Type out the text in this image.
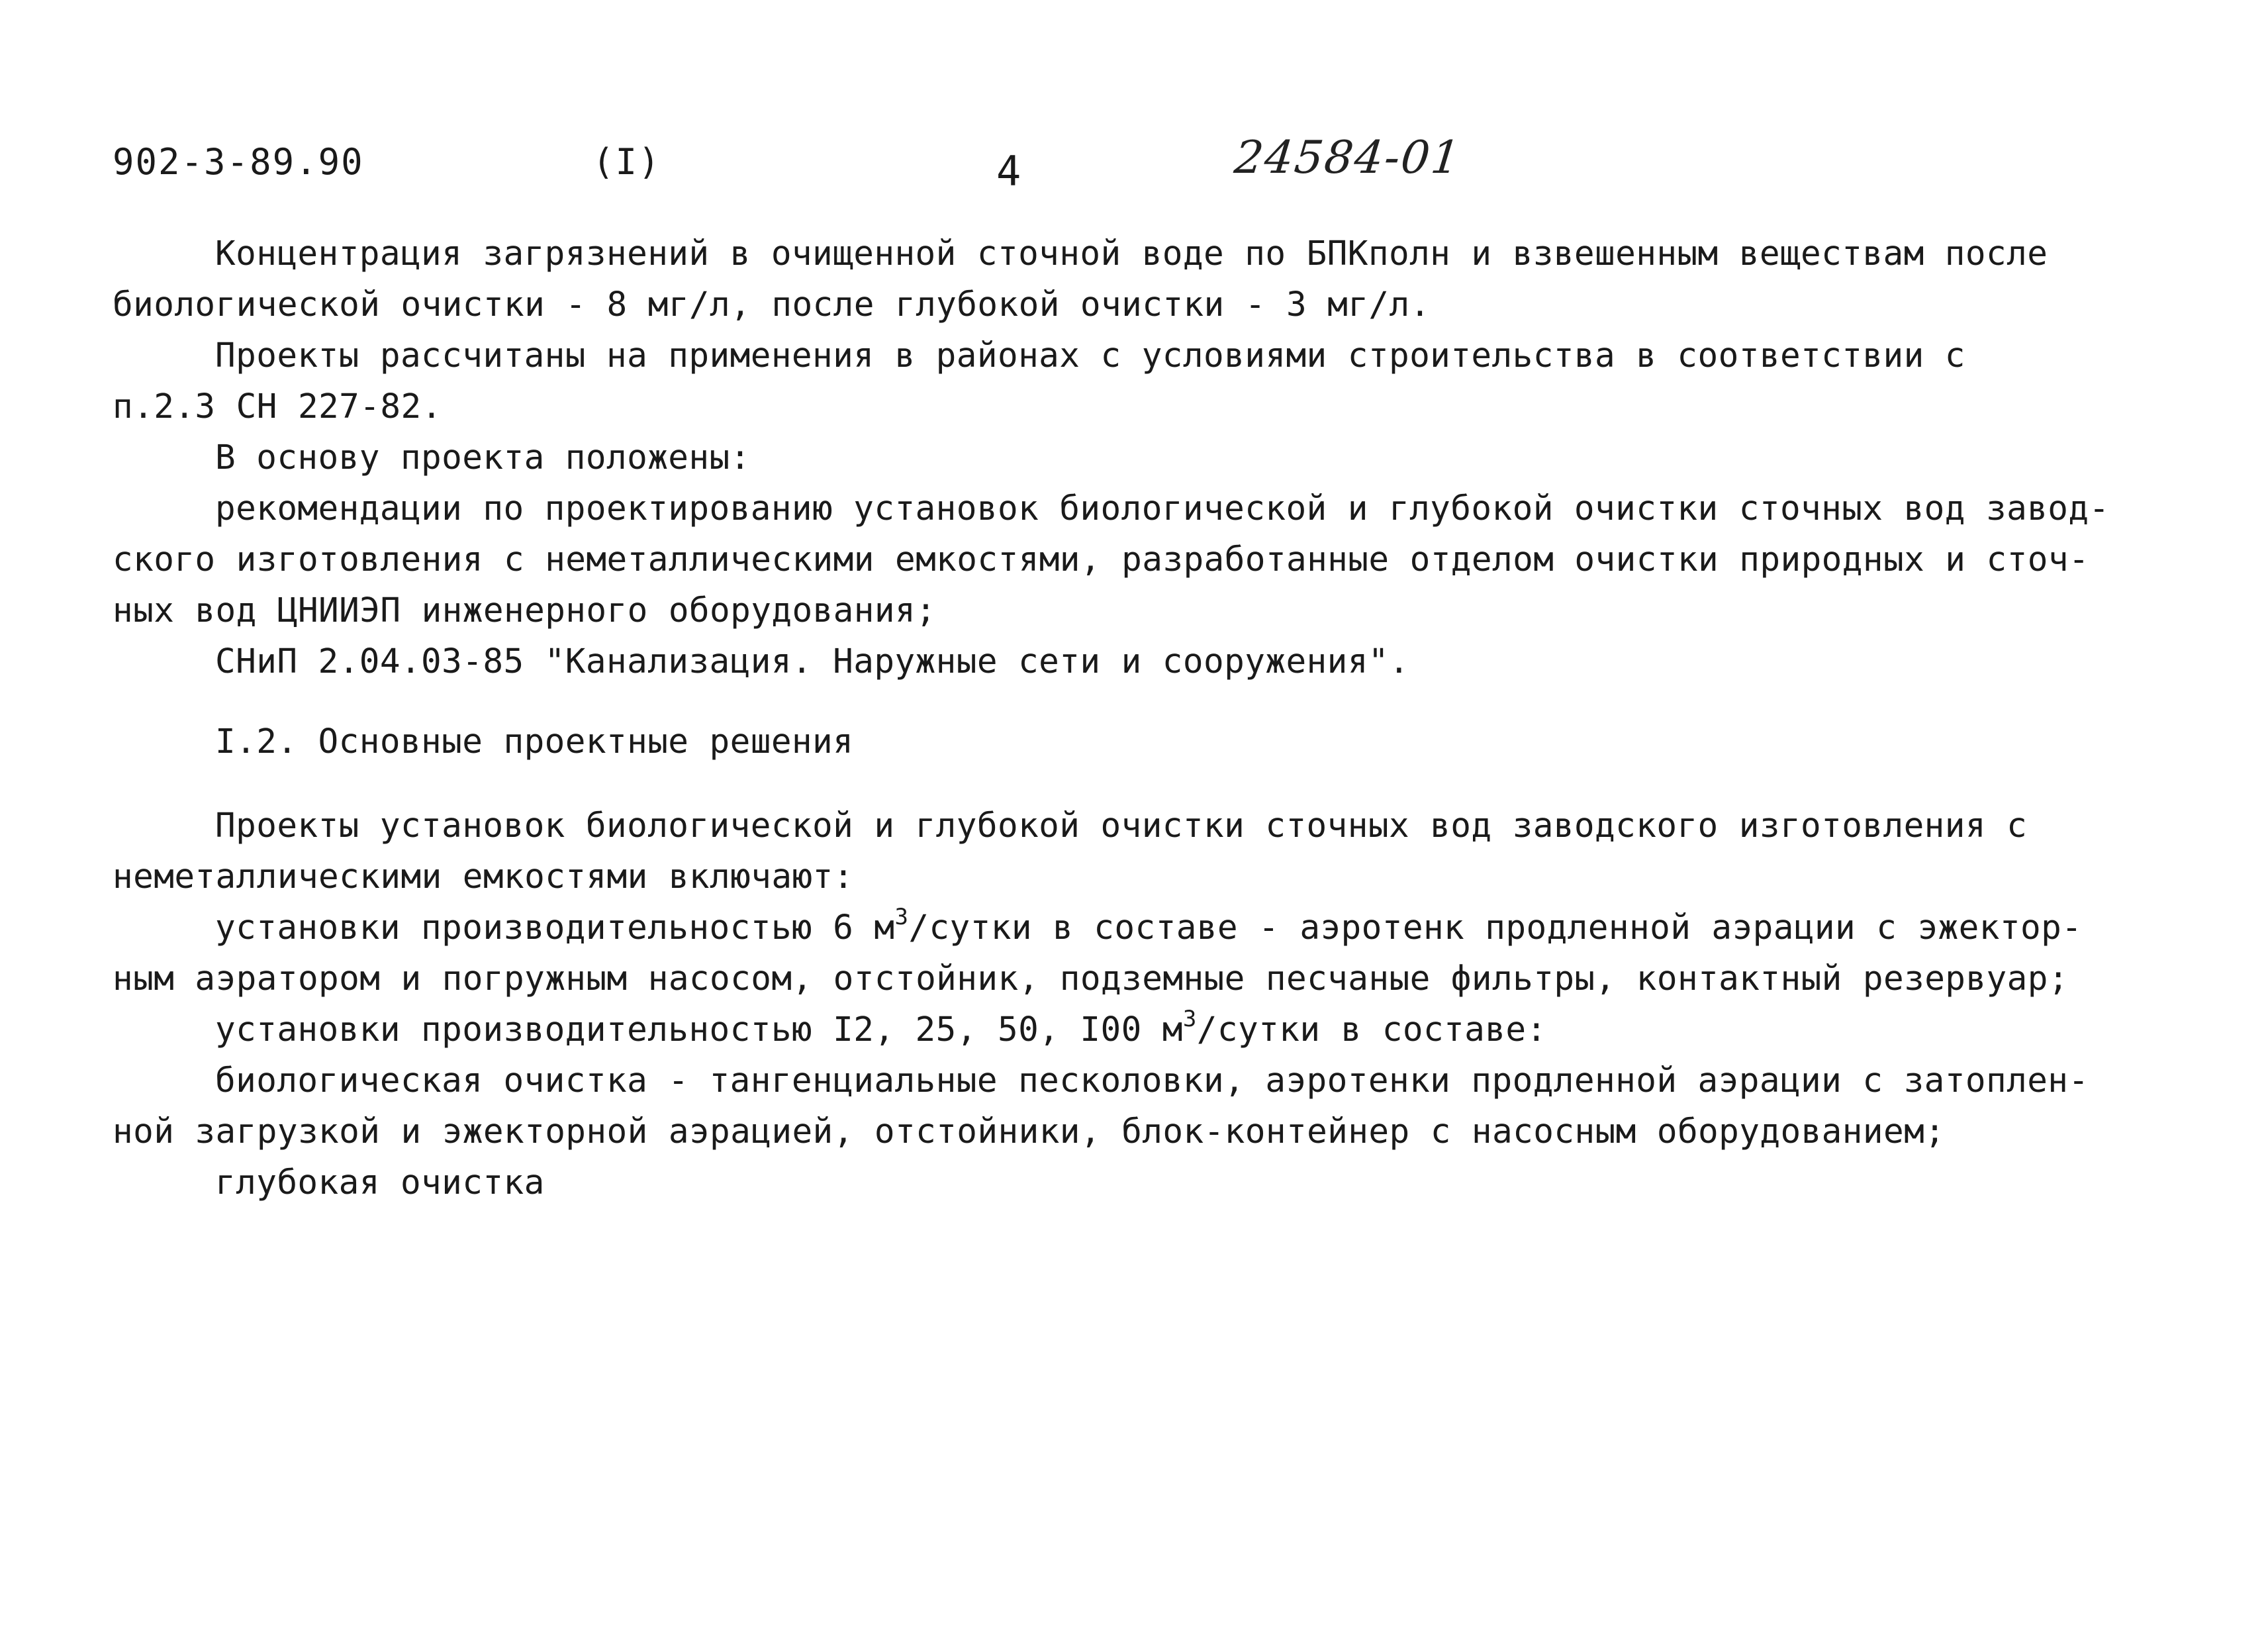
902-3-89.90	(I)	4	24584-01
Концентрация загрязнений в очищенной сточной воде по БПКполн и взвешенным веществам после
биологической очистки - 8 мг/л, после глубокой очистки - 3 мг/л.
Проекты рассчитаны на применения в районах с условиями строительства в соответствии с
п.2.3 СН 227-82.
В основу проекта положены:
рекомендации по проектированию установок биологической и глубокой очистки сточных вод завод-
ского изготовления с неметаллическими емкостями, разработанные отделом очистки природных и сточ-
ных вод ЦНИИЭП инженерного оборудования;
СНиП 2.04.03-85 "Канализация. Наружные сети и сооружения".
I.2. Основные проектные решения
Проекты установок биологической и глубокой очистки сточных вод заводского изготовления с
неметаллическими емкостями включают:
установки производительностью 6 $м^3$/сутки в составе - аэротенк продленной аэрации с эжектор-
ным аэратором и погружным насосом, отстойник, подземные песчаные фильтры, контактный резервуар;
установки производительностью I2, 25, 50, I00 $м^3$/сутки в составе:
биологическая очистка - тангенциальные песколовки, аэротенки продленной аэрации с затоплен-
ной загрузкой и эжекторной аэрацией, отстойники, блок-контейнер с насосным оборудованием;
глубокая очистка
